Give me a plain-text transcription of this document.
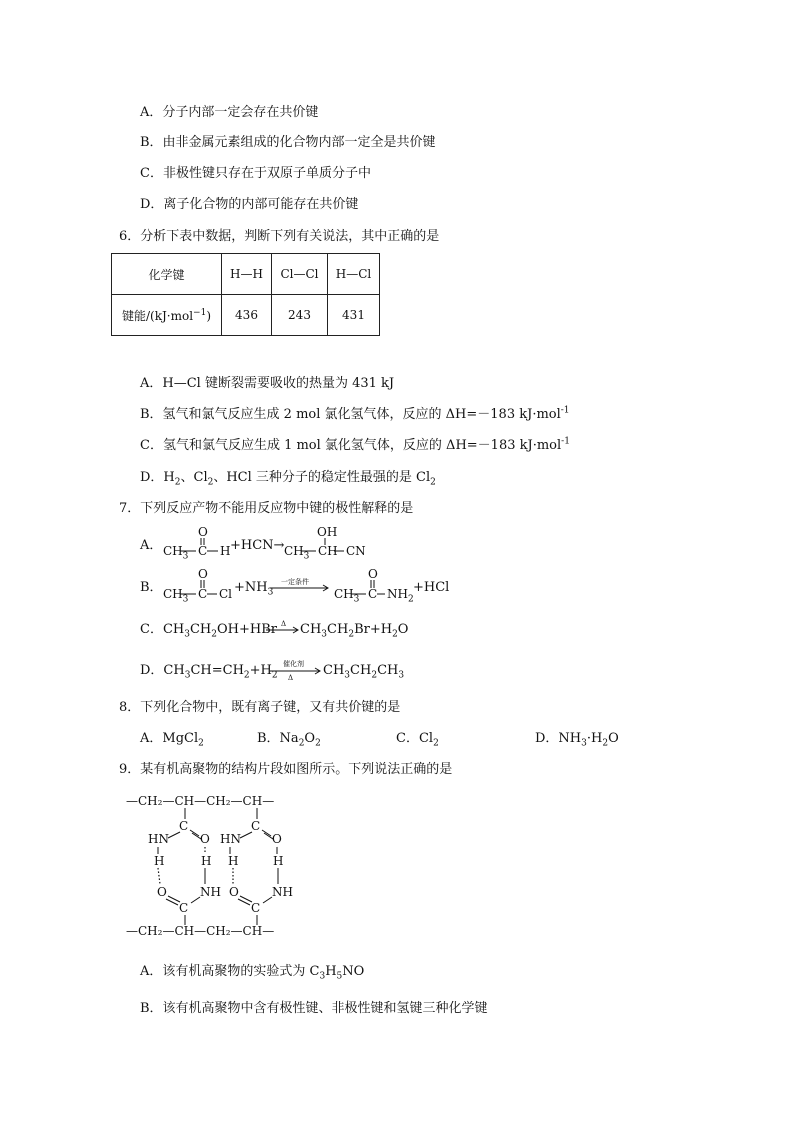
A．分子内部一定会存在共价键
B．由非金属元素组成的化合物内部一定全是共价键
C．非极性键只存在于双原子单质分子中
D．离子化合物的内部可能存在共价键
6．分析下表中数据，判断下列有关说法，其中正确的是
化学键	H—H	Cl—Cl	H—Cl
键能/(kJ·mol$^{-1}$)	436	243	431
A．H—Cl 键断裂需要吸收的热量为 431 kJ
B．氢气和氯气反应生成 2 mol 氯化氢气体，反应的 ΔH=－183 kJ·mol$^{-1}$
C．氢气和氯气反应生成 1 mol 氯化氢气体，反应的 ΔH=－183 kJ·mol$^{-1}$
D．$H_2$、$Cl_2$、HCl 三种分子的稳定性最强的是 $Cl_2$
7．下列反应产物不能用反应物中键的极性解释的是
A． $CH_3$ C H
O
$+HCN\to CH_3$ CH CN
OH
B． $CH_3$ C Cl
O
$+NH_3$
一定条件
$CH_3$ C $NH_2$
O
+HCl
C．$CH_3CH_2OH+HBr$ Δ $CH_3CH_2Br+H_2O$
D．$CH_3CH=CH_2+H_2$
催化剂
Δ $CH_3CH_2CH_3$
8．下列化合物中，既有离子键，又有共价键的是
A．MgCl$_2$	B．$Na_2O_2$	C．$Cl_2$	D．$NH_3\cdot H_2O$
9．某有机高聚物的结构片段如图所示。下列说法正确的是
—CH₂—CH—CH₂—CH—
—CH₂—CH—CH₂—CH—
C	C
HN	O HN	O
H	H H	H
O	NH O	NH
C	C
A．该有机高聚物的实验式为 $C_3H_5NO$
B．该有机高聚物中含有极性键、非极性键和氢键三种化学键
